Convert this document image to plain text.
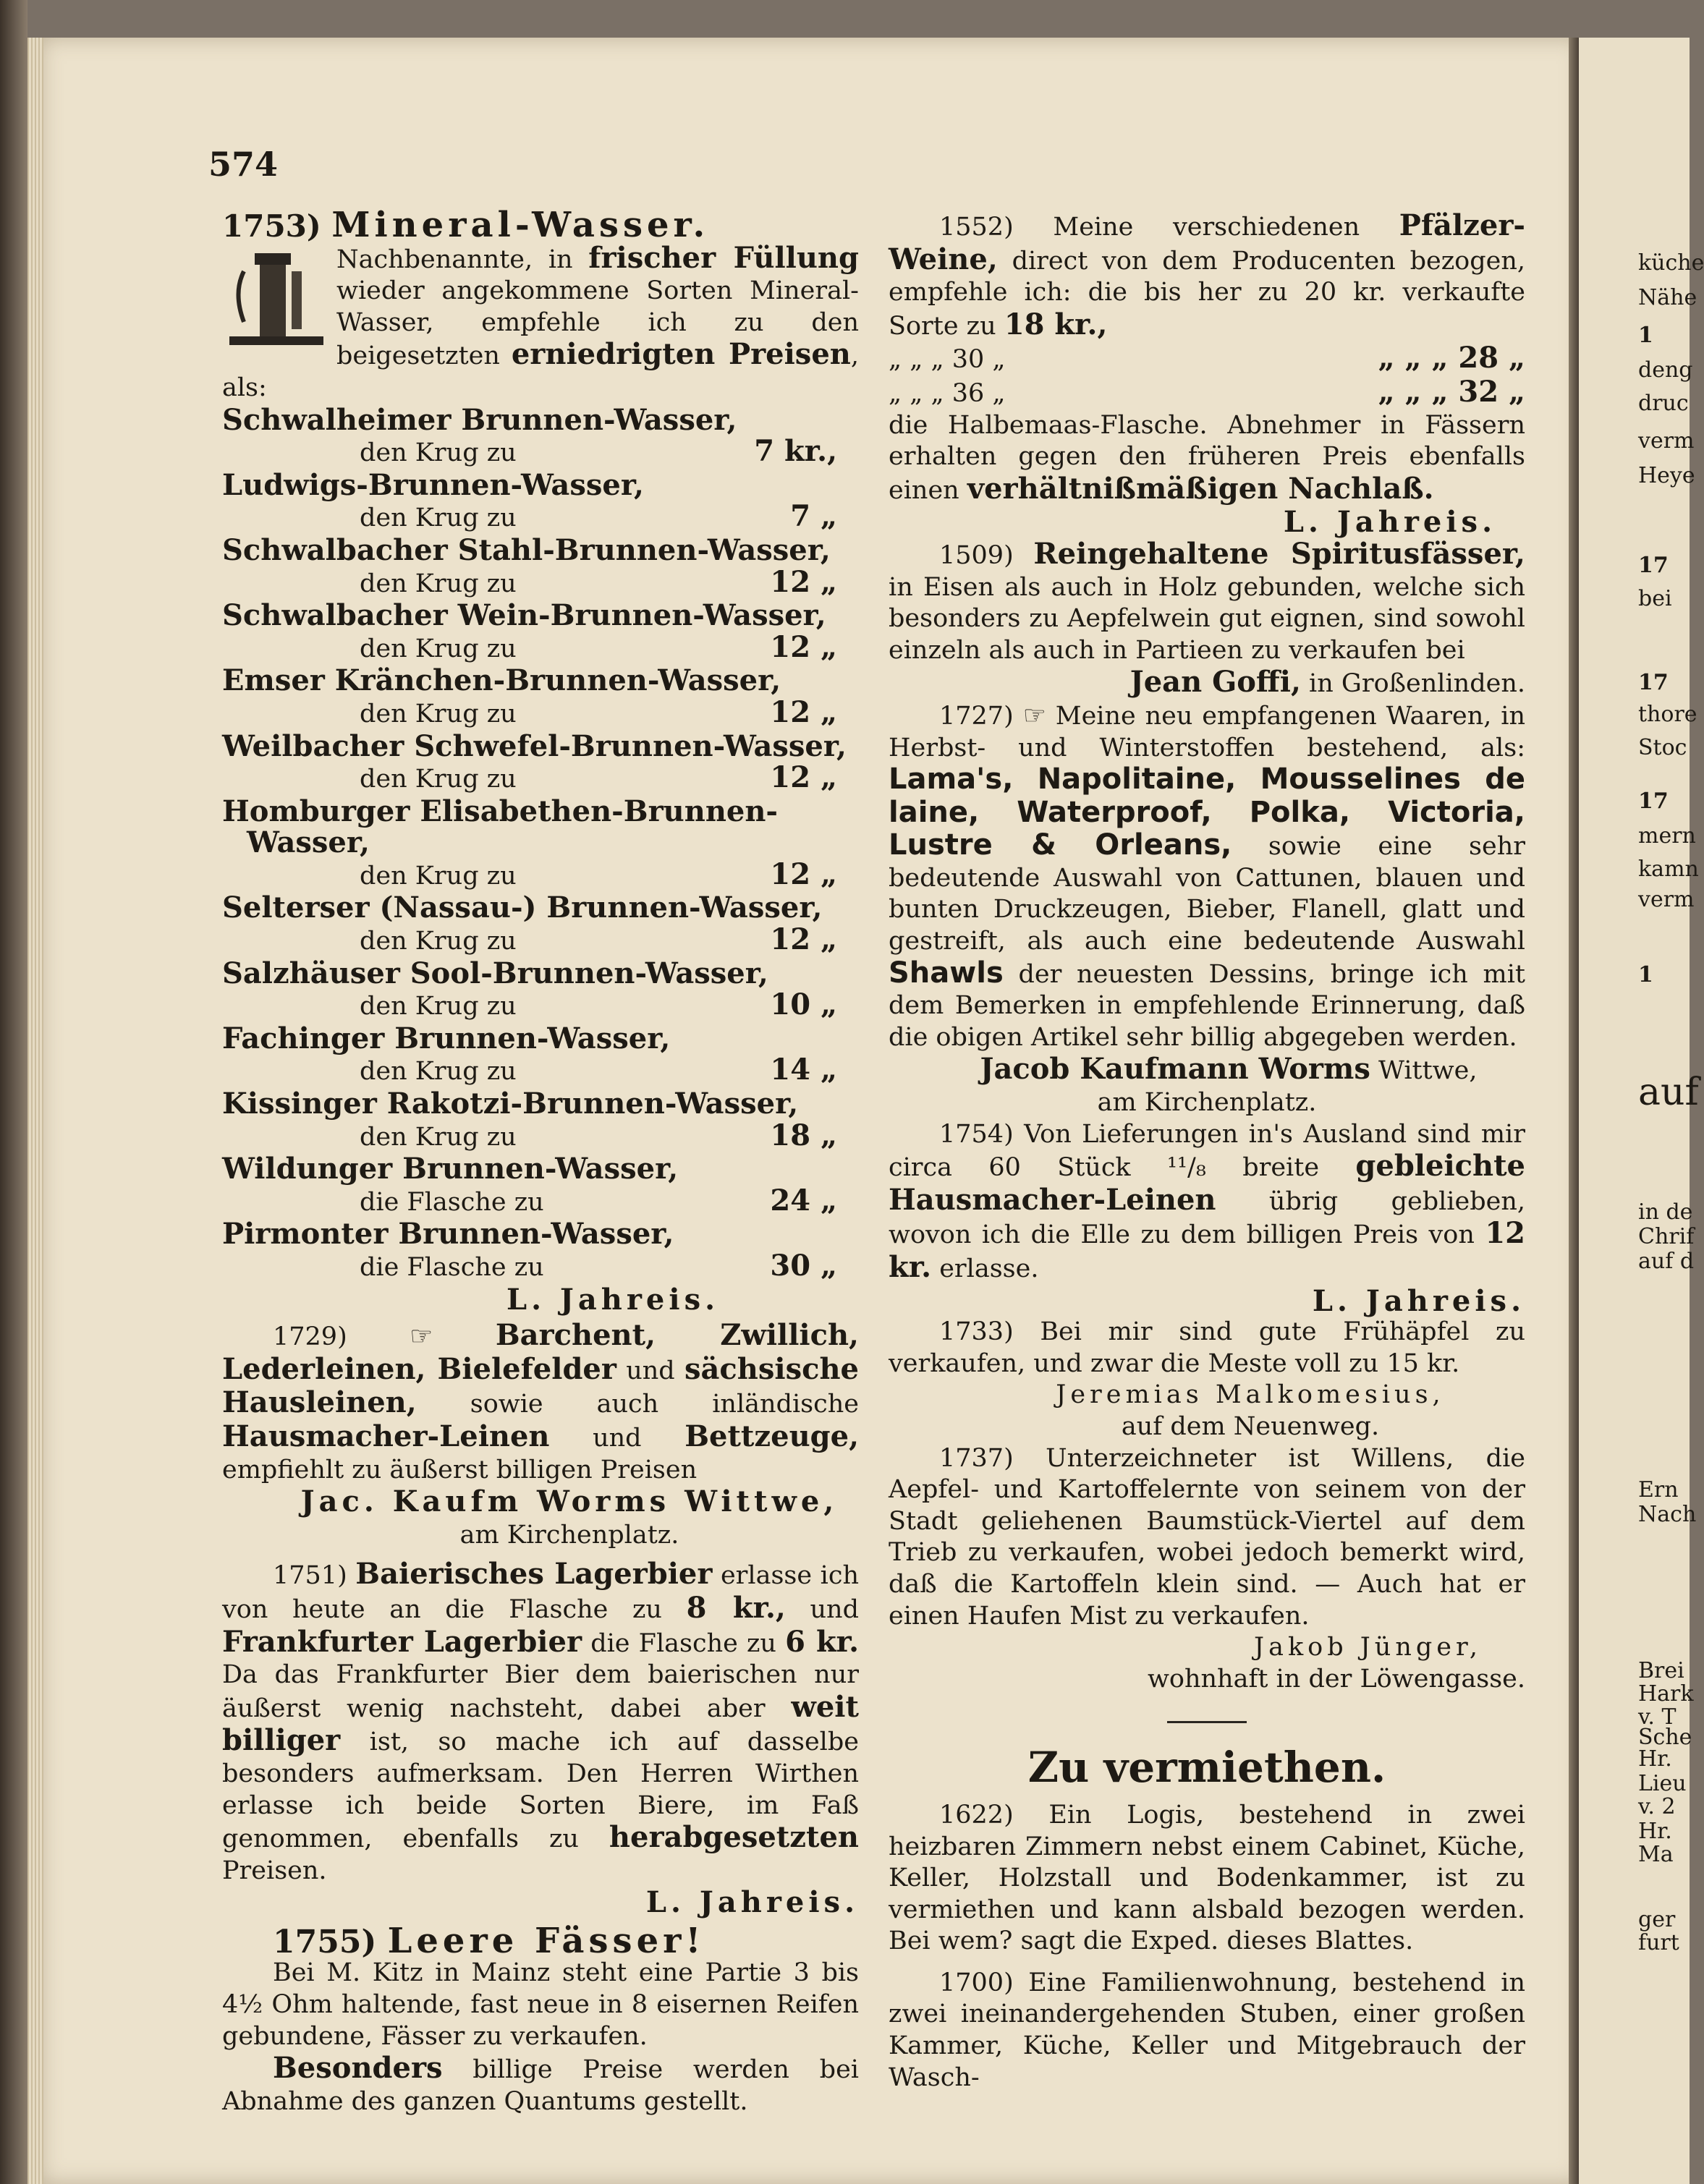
574

1753) Mineral-Wasser.

Nachbenannte, in frischer Füllung wieder angekommene Sorten Mineral-Wasser, empfehle ich zu den beigesetzten erniedrigten Preisen, als:
Schwalheimer Brunnen-Wasser,
den Krug zu	7 kr.,
Ludwigs-Brunnen-Wasser,
den Krug zu	7 „
Schwalbacher Stahl-Brunnen-Wasser,
den Krug zu	12 „
Schwalbacher Wein-Brunnen-Wasser,
den Krug zu	12 „
Emser Kränchen-Brunnen-Wasser,
den Krug zu	12 „
Weilbacher Schwefel-Brunnen-Wasser,
den Krug zu	12 „
Homburger Elisabethen-Brunnen-Wasser,
den Krug zu	12 „
Selterser (Nassau-) Brunnen-Wasser,
den Krug zu	12 „
Salzhäuser Sool-Brunnen-Wasser,
den Krug zu	10 „
Fachinger Brunnen-Wasser,
den Krug zu	14 „
Kissinger Rakotzi-Brunnen-Wasser,
den Krug zu	18 „
Wildunger Brunnen-Wasser,
die Flasche zu	24 „
Pirmonter Brunnen-Wasser,
die Flasche zu	30 „

L. Jahreis.

1729) ☞ Barchent, Zwillich, Lederleinen, Bielefelder und sächsische Hausleinen, sowie auch inländische Hausmacher-Leinen und Bettzeuge, empfiehlt zu äußerst billigen Preisen

Jac. Kaufm Worms Wittwe,

am Kirchenplatz.

1751) Baierisches Lagerbier erlasse ich von heute an die Flasche zu 8 kr., und Frankfurter Lagerbier die Flasche zu 6 kr. Da das Frankfurter Bier dem baierischen nur äußerst wenig nachsteht, dabei aber weit billiger ist, so mache ich auf dasselbe besonders aufmerksam. Den Herren Wirthen erlasse ich beide Sorten Biere, im Faß genommen, ebenfalls zu herabgesetzten Preisen.

L. Jahreis.

1755) Leere Fässer!

Bei M. Kitz in Mainz steht eine Partie 3 bis 4½ Ohm haltende, fast neue in 8 eisernen Reifen gebundene, Fässer zu verkaufen.

Besonders billige Preise werden bei Abnahme des ganzen Quantums gestellt.

1552) Meine verschiedenen Pfälzer-Weine, direct von dem Producenten bezogen, empfehle ich: die bis her zu 20 kr. verkaufte Sorte zu 18 kr.,

„ „ „ 30 „	„ „ „ 28 „
„ „ „ 36 „	„ „ „ 32 „

die Halbemaas-Flasche. Abnehmer in Fässern erhalten gegen den früheren Preis ebenfalls einen verhältnißmäßigen Nachlaß.

L. Jahreis.

1509) Reingehaltene Spiritusfässer, in Eisen als auch in Holz gebunden, welche sich besonders zu Aepfelwein gut eignen, sind sowohl einzeln als auch in Partieen zu verkaufen bei

Jean Goffi, in Großenlinden.

1727) ☞ Meine neu empfangenen Waaren, in Herbst- und Winterstoffen bestehend, als: Lama's, Napolitaine, Mousselines de laine, Waterproof, Polka, Victoria, Lustre & Orleans, sowie eine sehr bedeutende Auswahl von Cattunen, blauen und bunten Druckzeugen, Bieber, Flanell, glatt und gestreift, als auch eine bedeutende Auswahl Shawls der neuesten Dessins, bringe ich mit dem Bemerken in empfehlende Erinnerung, daß die obigen Artikel sehr billig abgegeben werden.

Jacob Kaufmann Worms Wittwe,

am Kirchenplatz.

1754) Von Lieferungen in's Ausland sind mir circa 60 Stück ¹¹/₈ breite gebleichte Hausmacher-Leinen übrig geblieben, wovon ich die Elle zu dem billigen Preis von 12 kr. erlasse.

L. Jahreis.

1733) Bei mir sind gute Frühäpfel zu verkaufen, und zwar die Meste voll zu 15 kr.

Jeremias Malkomesius,

auf dem Neuenweg.

1737) Unterzeichneter ist Willens, die Aepfel- und Kartoffelernte von seinem von der Stadt geliehenen Baumstück-Viertel auf dem Trieb zu verkaufen, wobei jedoch bemerkt wird, daß die Kartoffeln klein sind. — Auch hat er einen Haufen Mist zu verkaufen.

Jakob Jünger,

wohnhaft in der Löwengasse.

Zu vermiethen.

1622) Ein Logis, bestehend in zwei heizbaren Zimmern nebst einem Cabinet, Küche, Keller, Holzstall und Bodenkammer, ist zu vermiethen und kann alsbald bezogen werden. Bei wem? sagt die Exped. dieses Blattes.

1700) Eine Familienwohnung, bestehend in zwei ineinandergehenden Stuben, einer großen Kammer, Küche, Keller und Mitgebrauch der Wasch-

küche
Nähe
1
deng
druc
verm
Heye
17
bei
17
thore
Stoc
17
mern
kamn
verm
1
auf
in de
Chrif
auf d
Ern
Nach
Brei
Hark
v. T
Sche
Hr.
Lieu
v. 2
Hr.
Ma
ger
furt
